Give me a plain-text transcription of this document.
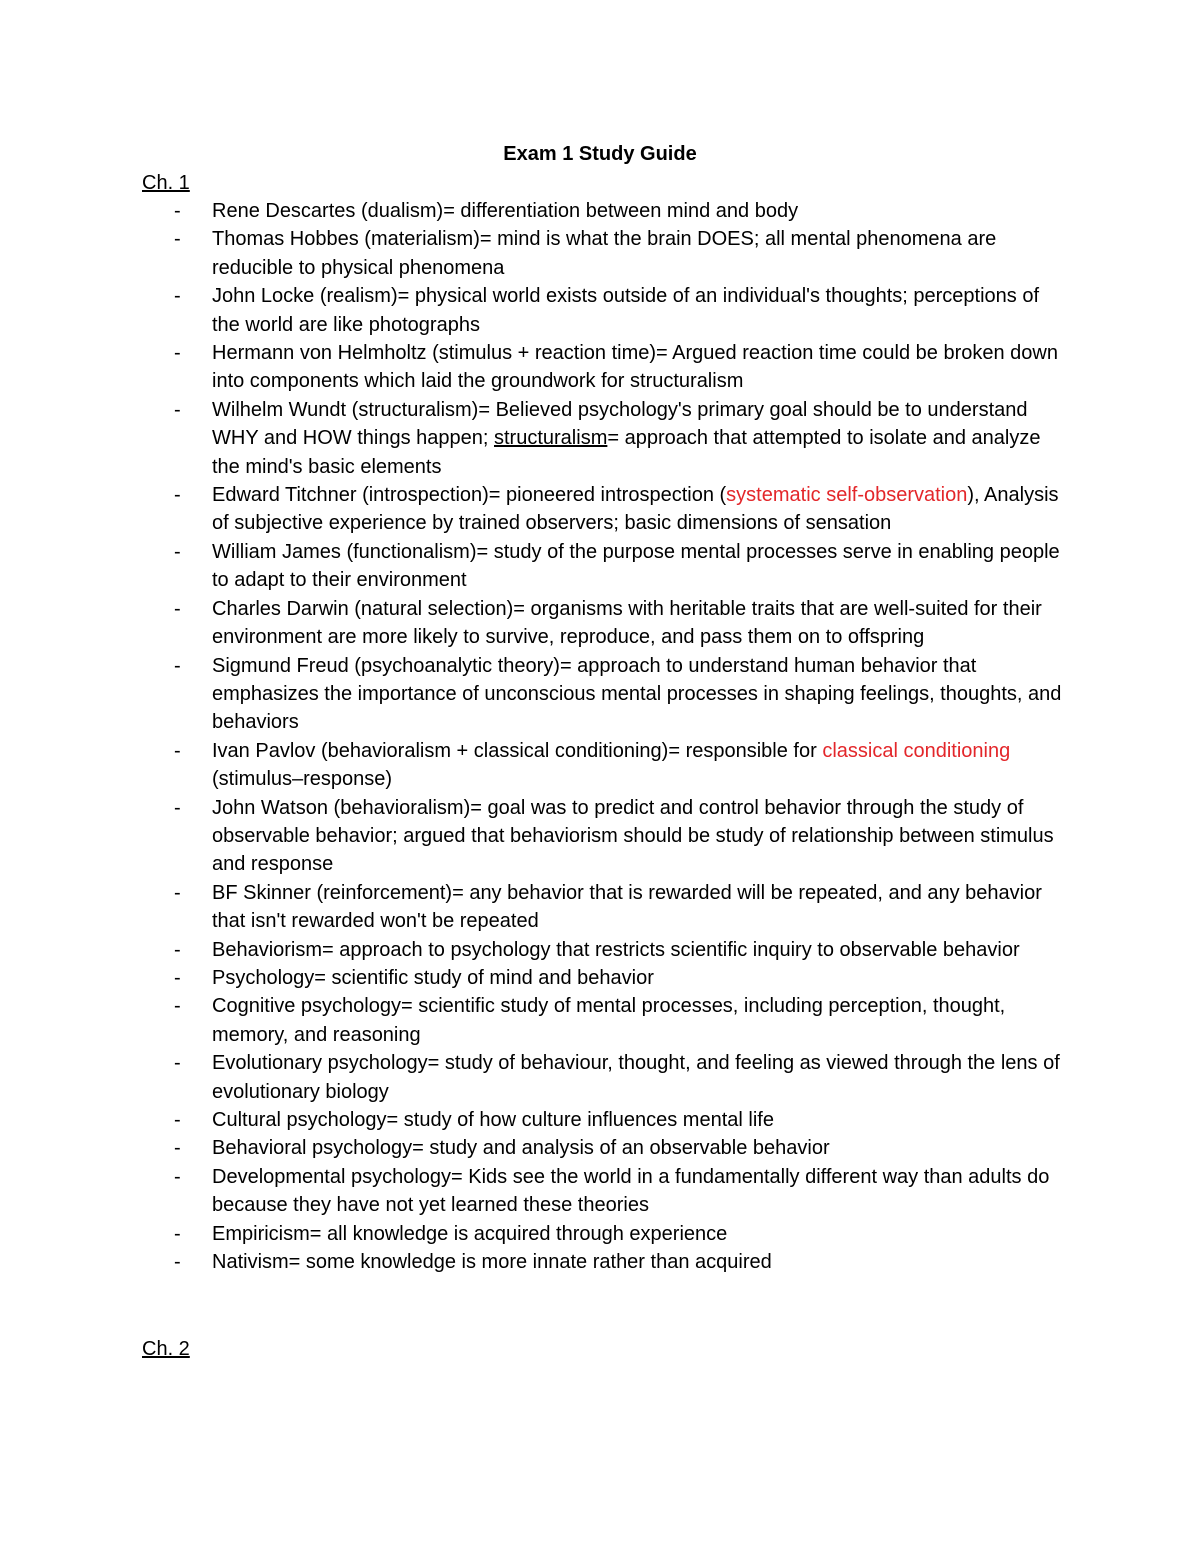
Exam 1 Study Guide
Ch. 1
- Rene Descartes (dualism)= differentiation between mind and body
- Thomas Hobbes (materialism)= mind is what the brain DOES; all mental phenomena are reducible to physical phenomena
- John Locke (realism)= physical world exists outside of an individual's thoughts; perceptions of the world are like photographs
- Hermann von Helmholtz (stimulus + reaction time)= Argued reaction time could be broken down into components which laid the groundwork for structuralism
- Wilhelm Wundt (structuralism)= Believed psychology's primary goal should be to understand WHY and HOW things happen; structuralism= approach that attempted to isolate and analyze the mind's basic elements
- Edward Titchner (introspection)= pioneered introspection (systematic self-observation), Analysis of subjective experience by trained observers; basic dimensions of sensation
- William James (functionalism)= study of the purpose mental processes serve in enabling people to adapt to their environment
- Charles Darwin (natural selection)= organisms with heritable traits that are well-suited for their environment are more likely to survive, reproduce, and pass them on to offspring
- Sigmund Freud (psychoanalytic theory)= approach to understand human behavior that emphasizes the importance of unconscious mental processes in shaping feelings, thoughts, and behaviors
- Ivan Pavlov (behavioralism + classical conditioning)= responsible for classical conditioning (stimulus–response)
- John Watson (behavioralism)= goal was to predict and control behavior through the study of observable behavior; argued that behaviorism should be study of relationship between stimulus and response
- BF Skinner (reinforcement)= any behavior that is rewarded will be repeated, and any behavior that isn't rewarded won't be repeated
- Behaviorism= approach to psychology that restricts scientific inquiry to observable behavior
- Psychology= scientific study of mind and behavior
- Cognitive psychology= scientific study of mental processes, including perception, thought, memory, and reasoning
- Evolutionary psychology= study of behaviour, thought, and feeling as viewed through the lens of evolutionary biology
- Cultural psychology= study of how culture influences mental life
- Behavioral psychology= study and analysis of an observable behavior
- Developmental psychology= Kids see the world in a fundamentally different way than adults do because they have not yet learned these theories
- Empiricism= all knowledge is acquired through experience
- Nativism= some knowledge is more innate rather than acquired
Ch. 2
